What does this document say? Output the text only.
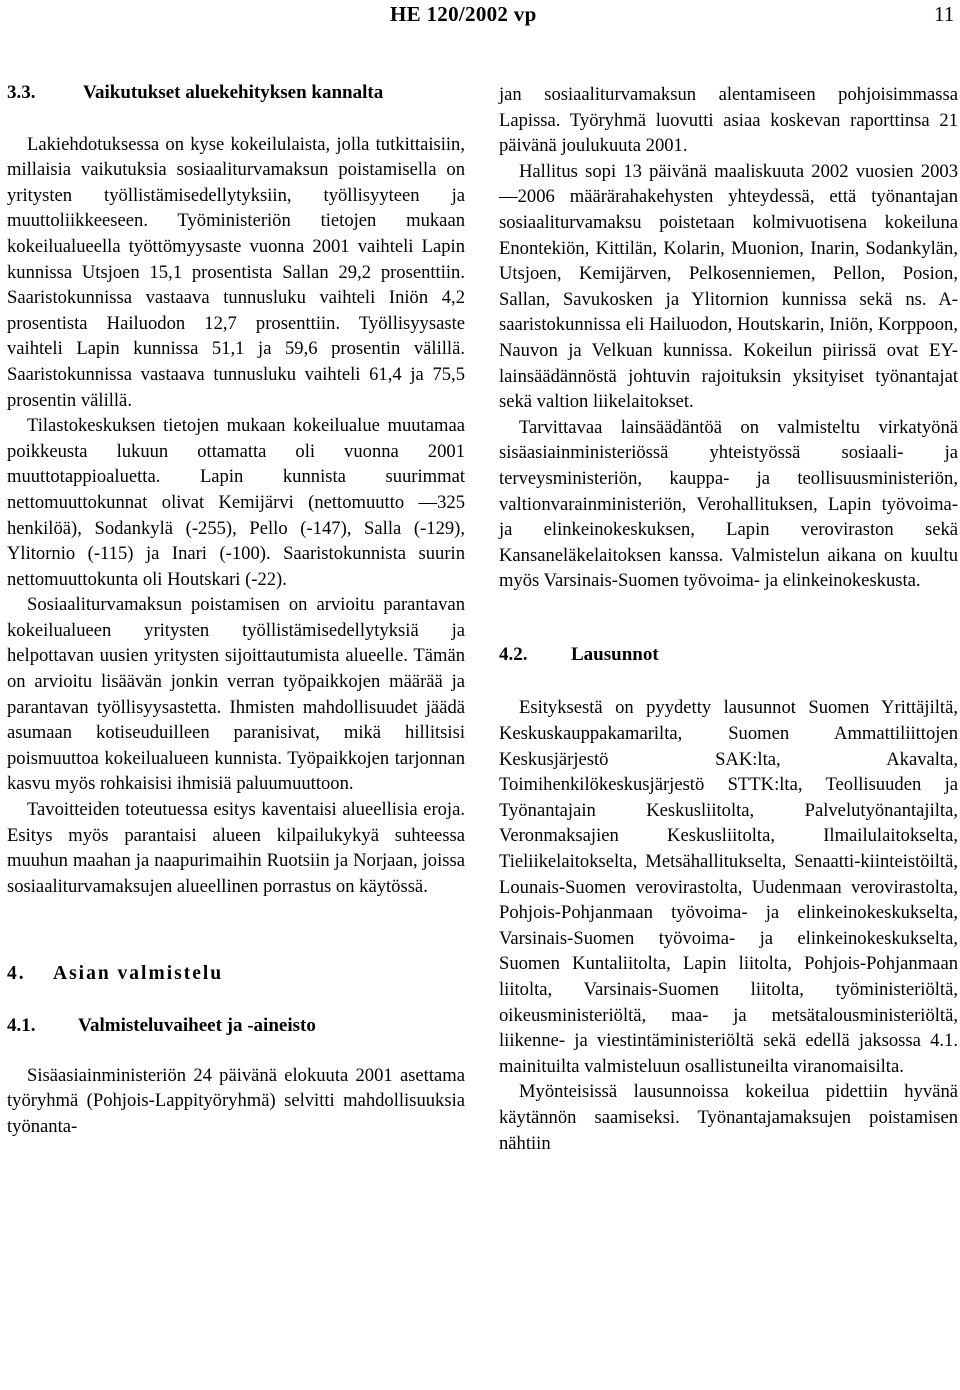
HE 120/2002 vp	11
3.3.	Vaikutukset aluekehityksen kannalta

Lakiehdotuksessa on kyse kokeilulaista, jolla tutkittaisiin, millaisia vaikutuksia sosiaaliturvamaksun poistamisella on yritysten työllistämisedellytyksiin, työllisyyteen ja muuttoliikkeeseen. Työministeriön tietojen mukaan kokeilualueella työttömyysaste vuonna 2001 vaihteli Lapin kunnissa Utsjoen 15,1 prosentista Sallan 29,2 prosenttiin. Saaristokunnissa vastaava tunnusluku vaihteli Iniön 4,2 prosentista Hailuodon 12,7 prosenttiin. Työllisyysaste vaihteli Lapin kunnissa 51,1 ja 59,6 prosentin välillä. Saaristokunnissa vastaava tunnusluku vaihteli 61,4 ja 75,5 prosentin välillä.

Tilastokeskuksen tietojen mukaan kokeilualue muutamaa poikkeusta lukuun ottamatta oli vuonna 2001 muuttotappioaluetta. Lapin kunnista suurimmat nettomuuttokunnat olivat Kemijärvi (nettomuutto —325 henkilöä), Sodankylä (-255), Pello (-147), Salla (-129), Ylitornio (-115) ja Inari (-100). Saaristokunnista suurin nettomuuttokunta oli Houtskari (-22).

Sosiaaliturvamaksun poistamisen on arvioitu parantavan kokeilualueen yritysten työllistämisedellytyksiä ja helpottavan uusien yritysten sijoittautumista alueelle. Tämän on arvioitu lisäävän jonkin verran työpaikkojen määrää ja parantavan työllisyysastetta. Ihmisten mahdollisuudet jäädä asumaan kotiseuduilleen paranisivat, mikä hillitsisi poismuuttoa kokeilualueen kunnista. Työpaikkojen tarjonnan kasvu myös rohkaisisi ihmisiä paluumuuttoon.

Tavoitteiden toteutuessa esitys kaventaisi alueellisia eroja. Esitys myös parantaisi alueen kilpailukykyä suhteessa muuhun maahan ja naapurimaihin Ruotsiin ja Norjaan, joissa sosiaaliturvamaksujen alueellinen porrastus on käytössä.

4.	Asian valmistelu
4.1.	Valmisteluvaiheet ja -aineisto

Sisäasiainministeriön 24 päivänä elokuuta 2001 asettama työryhmä (Pohjois-Lappityöryhmä) selvitti mahdollisuuksia työnanta-

jan sosiaaliturvamaksun alentamiseen pohjoisimmassa Lapissa. Työryhmä luovutti asiaa koskevan raporttinsa 21 päivänä joulukuuta 2001.

Hallitus sopi 13 päivänä maaliskuuta 2002 vuosien 2003—2006 määrärahakehysten yhteydessä, että työnantajan sosiaaliturvamaksu poistetaan kolmivuotisena kokeiluna Enontekiön, Kittilän, Kolarin, Muonion, Inarin, Sodankylän, Utsjoen, Kemijärven, Pelkosenniemen, Pellon, Posion, Sallan, Savukosken ja Ylitornion kunnissa sekä ns. A-saaristokunnissa eli Hailuodon, Houtskarin, Iniön, Korppoon, Nauvon ja Velkuan kunnissa. Kokeilun piirissä ovat EY-lainsäädännöstä johtuvin rajoituksin yksityiset työnantajat sekä valtion liikelaitokset.

Tarvittavaa lainsäädäntöä on valmisteltu virkatyönä sisäasiainministeriössä yhteistyössä sosiaali- ja terveysministeriön, kauppa- ja teollisuusministeriön, valtionvarainministeriön, Verohallituksen, Lapin työvoima- ja elinkeinokeskuksen, Lapin veroviraston sekä Kansaneläkelaitoksen kanssa. Valmistelun aikana on kuultu myös Varsinais-Suomen työvoima- ja elinkeinokeskusta.

4.2.	Lausunnot

Esityksestä on pyydetty lausunnot Suomen Yrittäjiltä, Keskuskauppakamarilta, Suomen Ammattiliittojen Keskusjärjestö SAK:lta, Akavalta, Toimihenkilökeskusjärjestö STTK:lta, Teollisuuden ja Työnantajain Keskusliitolta, Palvelutyönantajilta, Veronmaksajien Keskusliitolta, Ilmailulaitokselta, Tieliikelaitokselta, Metsähallitukselta, Senaatti-kiinteistöiltä, Lounais-Suomen verovirastolta, Uudenmaan verovirastolta, Pohjois-Pohjanmaan työvoima- ja elinkeinokeskukselta, Varsinais-Suomen työvoima- ja elinkeinokeskukselta, Suomen Kuntaliitolta, Lapin liitolta, Pohjois-Pohjanmaan liitolta, Varsinais-Suomen liitolta, työministeriöltä, oikeusministeriöltä, maa- ja metsätalousministeriöltä, liikenne- ja viestintäministeriöltä sekä edellä jaksossa 4.1. mainituilta valmisteluun osallistuneilta viranomaisilta.

Myönteisissä lausunnoissa kokeilua pidettiin hyvänä käytännön saamiseksi. Työnantajamaksujen poistamisen nähtiin
